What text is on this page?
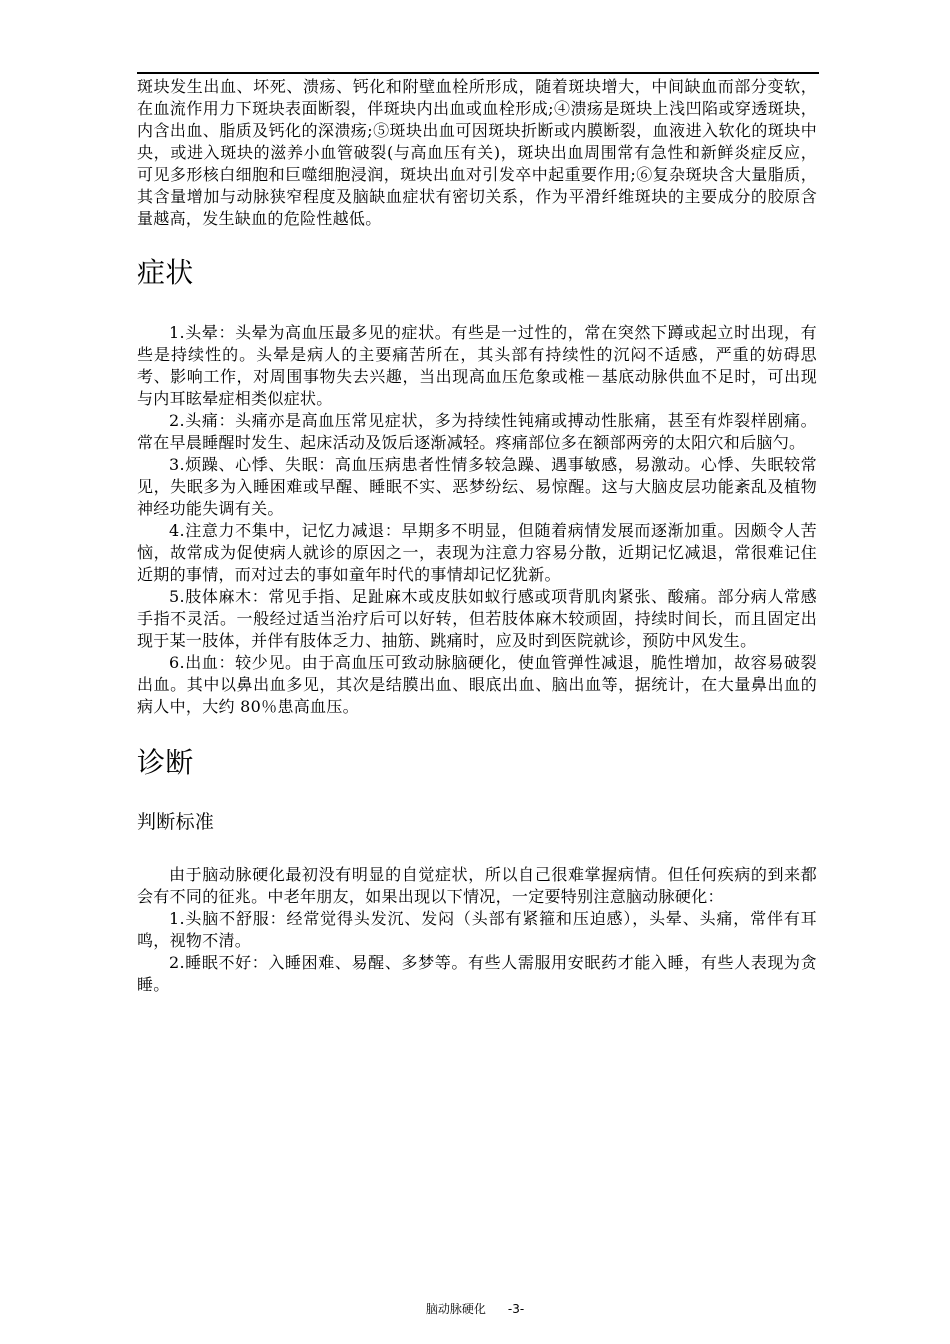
斑块发生出血、坏死、溃疡、钙化和附壁血栓所形成，随着斑块增大，中间缺血而部分变软，在血流作用力下斑块表面断裂，伴斑块内出血或血栓形成;④溃疡是斑块上浅凹陷或穿透斑块，内含出血、脂质及钙化的深溃疡;⑤斑块出血可因斑块折断或内膜断裂，血液进入软化的斑块中央，或进入斑块的滋养小血管破裂(与高血压有关)，斑块出血周围常有急性和新鲜炎症反应，可见多形核白细胞和巨噬细胞浸润，斑块出血对引发卒中起重要作用;⑥复杂斑块含大量脂质，其含量增加与动脉狭窄程度及脑缺血症状有密切关系，作为平滑纤维斑块的主要成分的胶原含量越高，发生缺血的危险性越低。

症状

1.头晕：头晕为高血压最多见的症状。有些是一过性的，常在突然下蹲或起立时出现，有些是持续性的。头晕是病人的主要痛苦所在，其头部有持续性的沉闷不适感，严重的妨碍思考、影响工作，对周围事物失去兴趣，当出现高血压危象或椎－基底动脉供血不足时，可出现与内耳眩晕症相类似症状。

2.头痛：头痛亦是高血压常见症状，多为持续性钝痛或搏动性胀痛，甚至有炸裂样剧痛。常在早晨睡醒时发生、起床活动及饭后逐渐减轻。疼痛部位多在额部两旁的太阳穴和后脑勺。

3.烦躁、心悸、失眠：高血压病患者性情多较急躁、遇事敏感，易激动。心悸、失眠较常见，失眠多为入睡困难或早醒、睡眠不实、恶梦纷纭、易惊醒。这与大脑皮层功能紊乱及植物神经功能失调有关。

4.注意力不集中，记忆力减退：早期多不明显，但随着病情发展而逐渐加重。因颇令人苦恼，故常成为促使病人就诊的原因之一，表现为注意力容易分散，近期记忆减退，常很难记住近期的事情，而对过去的事如童年时代的事情却记忆犹新。

5.肢体麻木：常见手指、足趾麻木或皮肤如蚁行感或项背肌肉紧张、酸痛。部分病人常感手指不灵活。一般经过适当治疗后可以好转，但若肢体麻木较顽固，持续时间长，而且固定出现于某一肢体，并伴有肢体乏力、抽筋、跳痛时，应及时到医院就诊，预防中风发生。

6.出血：较少见。由于高血压可致动脉脑硬化，使血管弹性减退，脆性增加，故容易破裂出血。其中以鼻出血多见，其次是结膜出血、眼底出血、脑出血等，据统计，在大量鼻出血的病人中，大约 80％患高血压。

诊断
判断标准

由于脑动脉硬化最初没有明显的自觉症状，所以自己很难掌握病情。但任何疾病的到来都会有不同的征兆。中老年朋友，如果出现以下情况，一定要特别注意脑动脉硬化：

1.头脑不舒服：经常觉得头发沉、发闷（头部有紧箍和压迫感），头晕、头痛，常伴有耳鸣，视物不清。

2.睡眠不好：入睡困难、易醒、多梦等。有些人需服用安眠药才能入睡，有些人表现为贪睡。

脑动脉硬化 -3-
